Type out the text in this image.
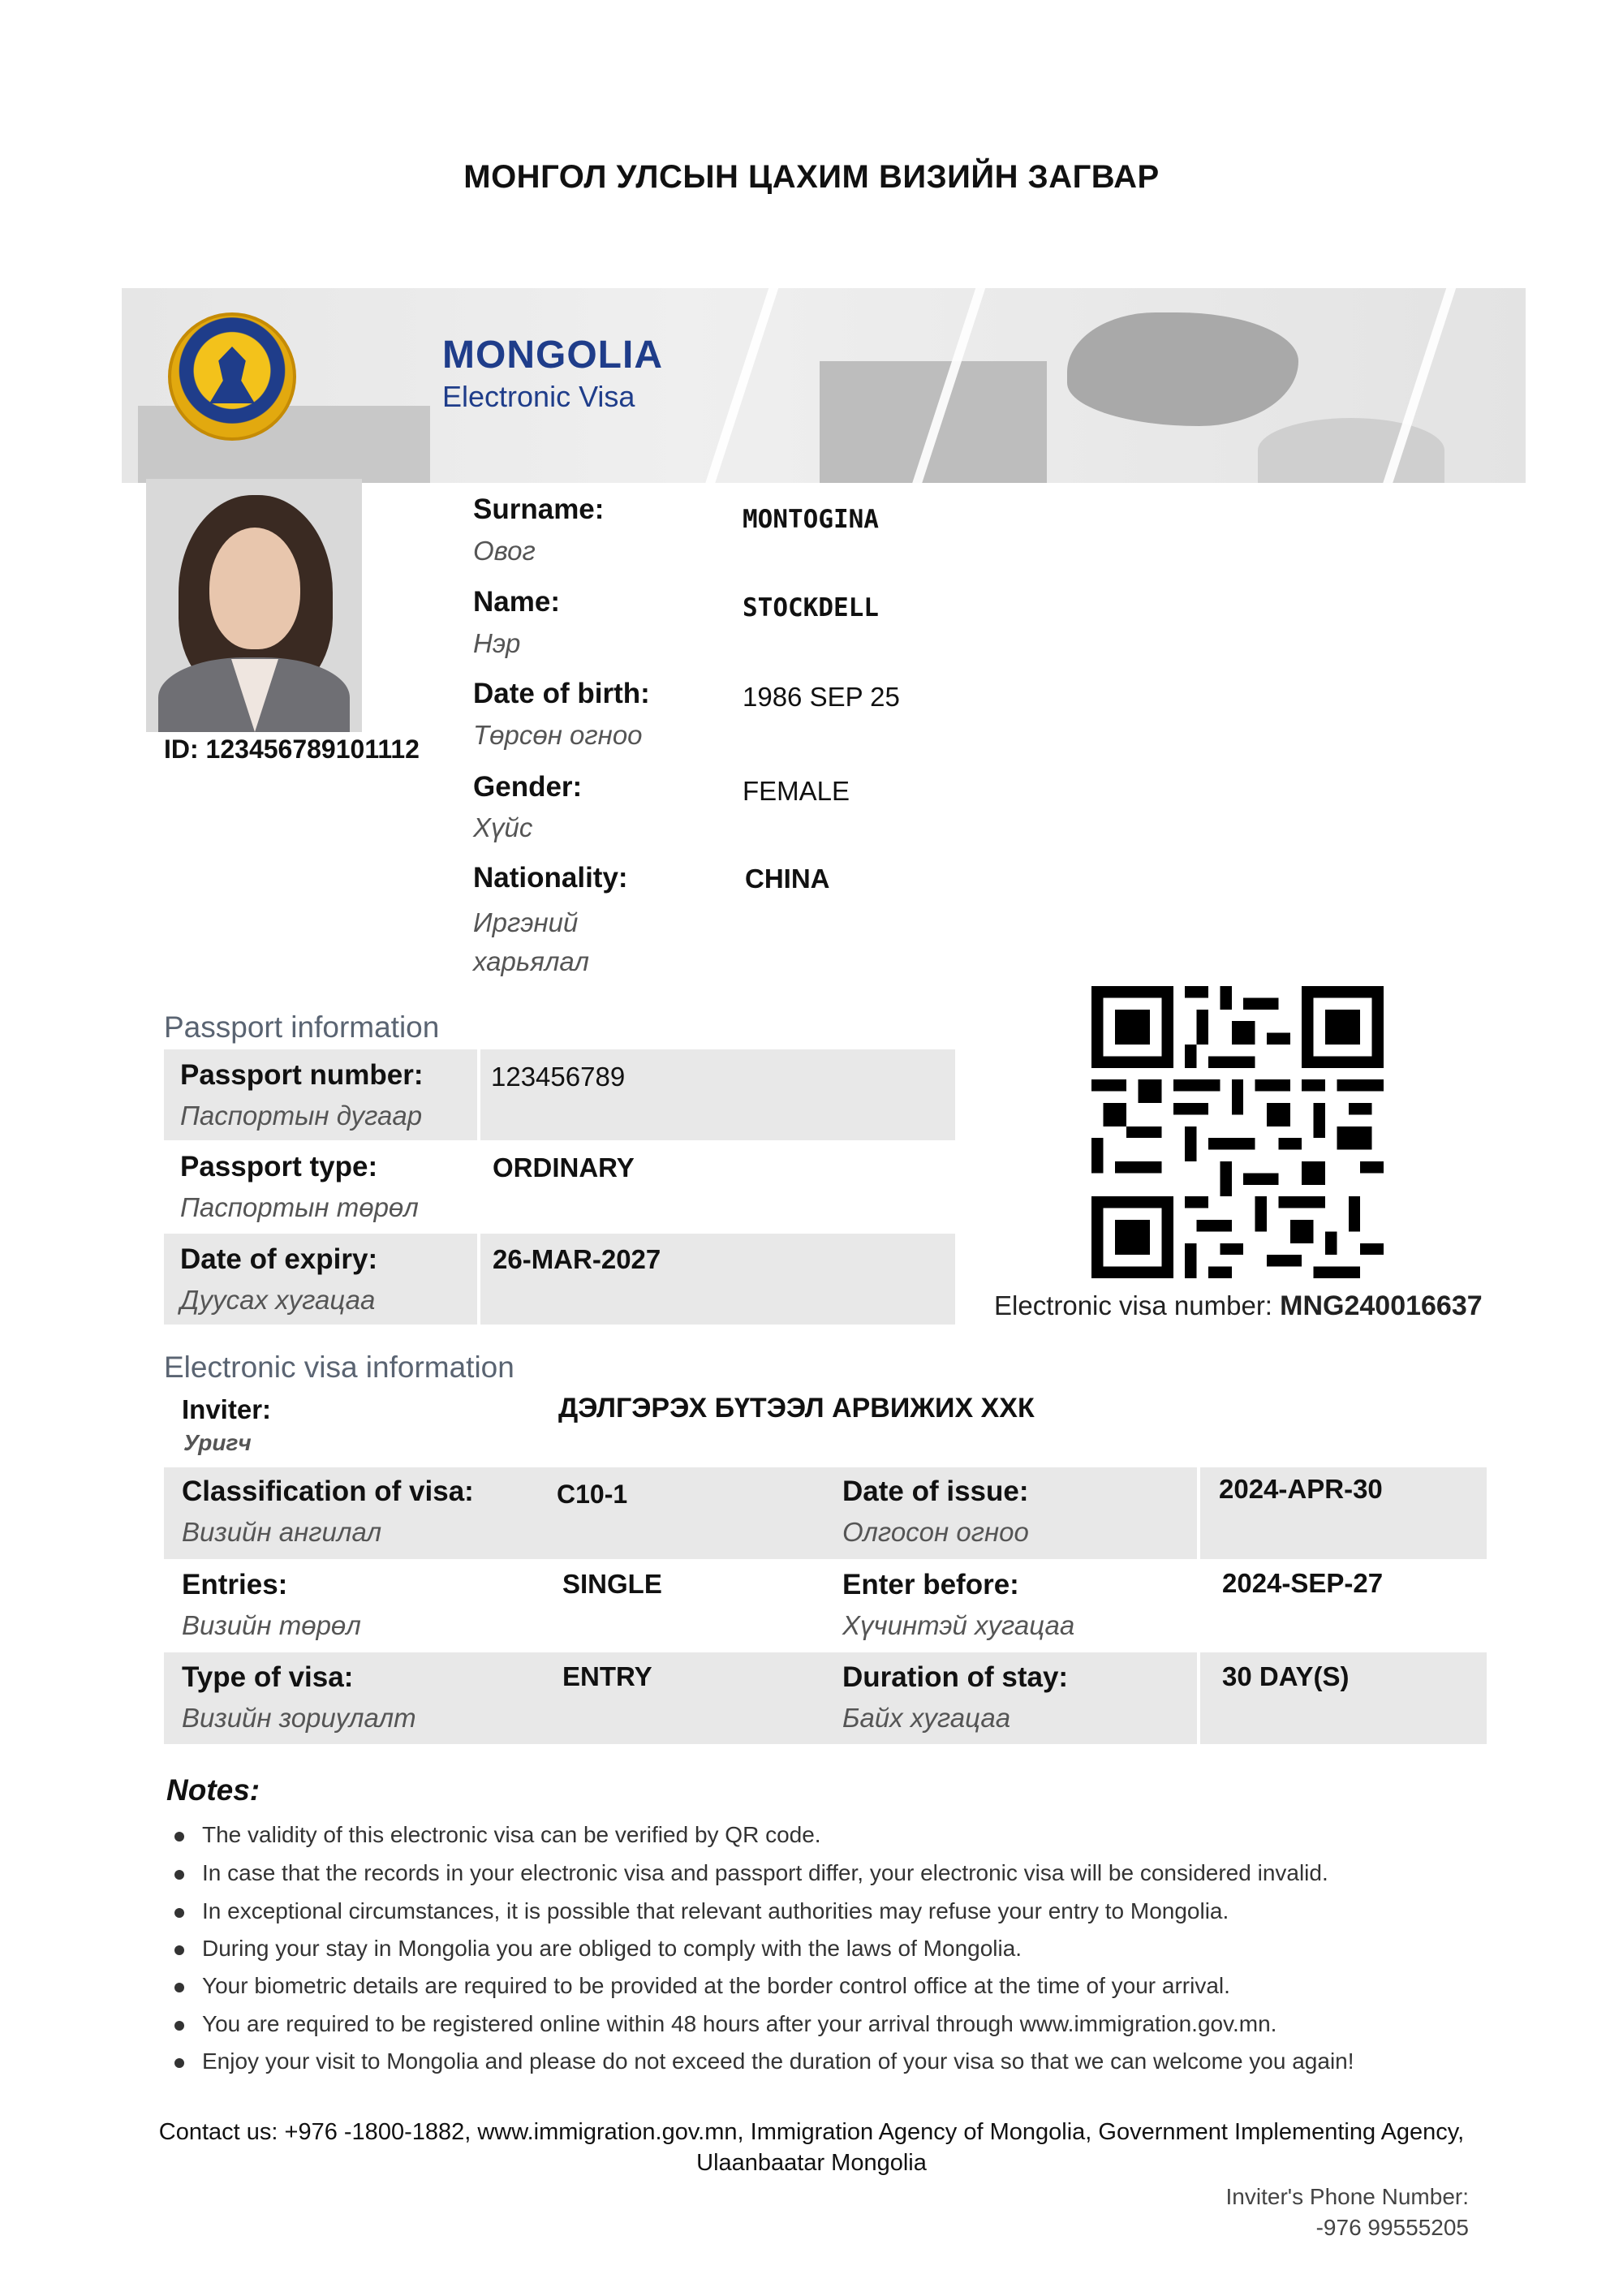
МОНГОЛ УЛСЫН ЦАХИМ ВИЗИЙН ЗАГВАР
MONGOLIA
Electronic Visa
ID: 123456789101112
Surname:
Овог
MONTOGINA
Name:
Нэр
STOCKDELL
Date of birth:
Төрсөн огноо
1986 SEP 25
Gender:
Хүйс
FEMALE
Nationality:
Иргэний харьялал
CHINA
Passport information
Passport number:
Паспортын дугаар
123456789
Passport type:
Паспортын төрөл
ORDINARY
Date of expiry:
Дуусах хугацаа
26-MAR-2027
Electronic visa number: MNG240016637
Electronic visa information
Inviter:
Уригч
ДЭЛГЭРЭХ БҮТЭЭЛ АРВИЖИХ ХХК
Classification of visa:
Визийн ангилал
C10-1	Date of issue:
Олгосон огноо
2024-APR-30
Entries:
Визийн төрөл
SINGLE	Enter before:
Хүчинтэй хугацаа
2024-SEP-27
Type of visa:
Визийн зориулалт
ENTRY	Duration of stay:
Байх хугацаа
30 DAY(S)
Notes:
The validity of this electronic visa can be verified by QR code.
In case that the records in your electronic visa and passport differ, your electronic visa will be considered invalid.
In exceptional circumstances, it is possible that relevant authorities may refuse your entry to Mongolia.
During your stay in Mongolia you are obliged to comply with the laws of Mongolia.
Your biometric details are required to be provided at the border control office at the time of your arrival.
You are required to be registered online within 48 hours after your arrival through www.immigration.gov.mn.
Enjoy your visit to Mongolia and please do not exceed the duration of your visa so that we can welcome you again!
Contact us: +976 -1800-1882, www.immigration.gov.mn, Immigration Agency of Mongolia, Government Implementing Agency,
Ulaanbaatar Mongolia
Inviter's Phone Number:
-976 99555205
